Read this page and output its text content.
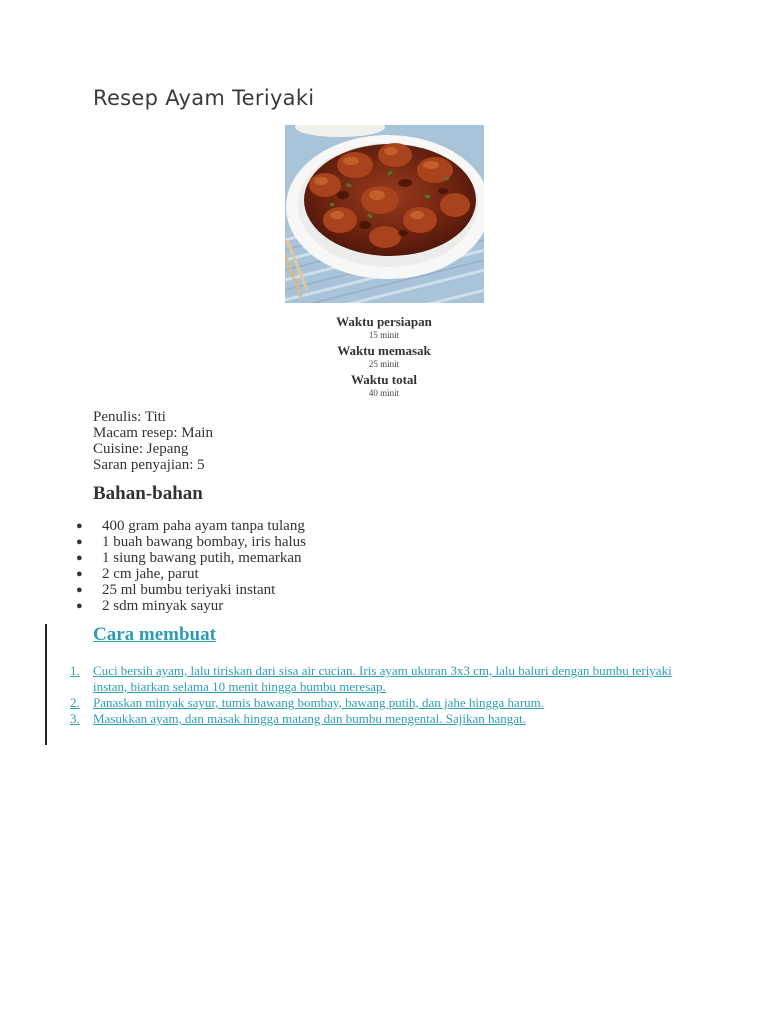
Resep Ayam Teriyaki
Waktu persiapan
15 minit
Waktu memasak
25 minit
Waktu total
40 minit
Penulis: Titi
Macam resep: Main
Cuisine: Jepang
Saran penyajian: 5
Bahan-bahan
● 400 gram paha ayam tanpa tulang
● 1 buah bawang bombay, iris halus
● 1 siung bawang putih, memarkan
● 2 cm jahe, parut
● 25 ml bumbu teriyaki instant
● 2 sdm minyak sayur
Cara membuat
1. Cuci bersih ayam, lalu tiriskan dari sisa air cucian. Iris ayam ukuran 3x3 cm, lalu baluri dengan bumbu teriyaki instan, biarkan selama 10 menit hingga bumbu meresap.
2. Panaskan minyak sayur, tumis bawang bombay, bawang putih, dan jahe hingga harum.
3. Masukkan ayam, dan masak hingga matang dan bumbu mengental. Sajikan hangat.
